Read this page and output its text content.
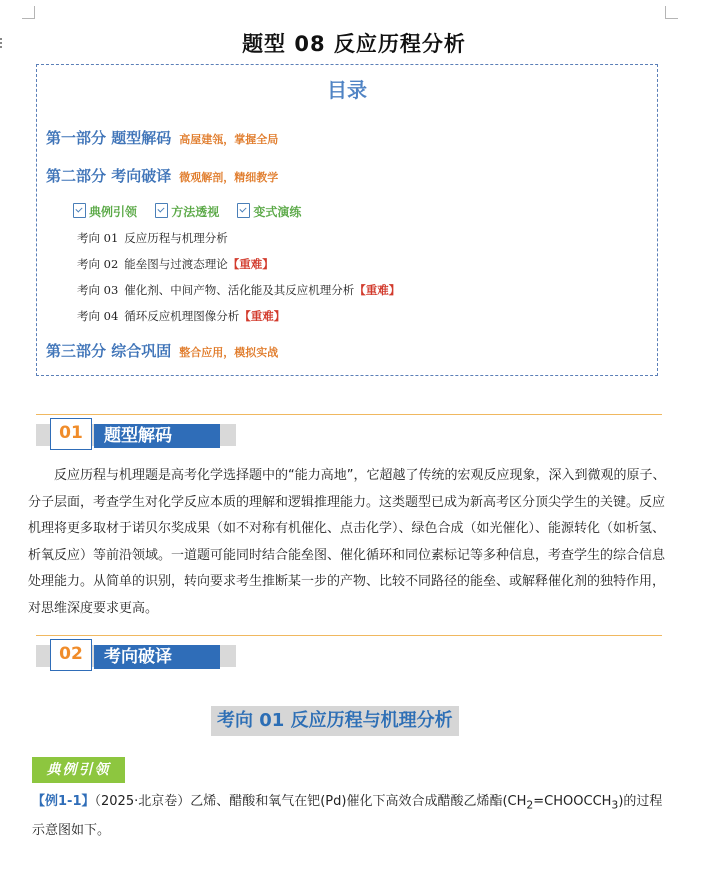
题型 08 反应历程分析
目录
第一部分 题型解码 高屋建瓴，掌握全局
第二部分 考向破译 微观解剖，精细教学
典例引领	方法透视	变式演练
考向 01 反应历程与机理分析
考向 02 能垒图与过渡态理论【重难】
考向 03 催化剂、中间产物、活化能及其反应机理分析【重难】
考向 04 循环反应机理图像分析【重难】
第三部分 综合巩固 整合应用，模拟实战
01	题型解码

反应历程与机理题是高考化学选择题中的“能力高地”，它超越了传统的宏观反应现象，深入到微观的原子、分子层面，考查学生对化学反应本质的理解和逻辑推理能力。这类题型已成为新高考区分顶尖学生的关键。反应机理将更多取材于诺贝尔奖成果（如不对称有机催化、点击化学）、绿色合成（如光催化）、能源转化（如析氢、析氧反应）等前沿领域。一道题可能同时结合能垒图、催化循环和同位素标记等多种信息，考查学生的综合信息处理能力。从简单的识别，转向要求考生推断某一步的产物、比较不同路径的能垒、或解释催化剂的独特作用，对思维深度要求更高。

02	考向破译
考向 01 反应历程与机理分析
典例引领
【例1-1】（2025·北京卷）乙烯、醋酸和氧气在钯(Pd)催化下高效合成醋酸乙烯酯$(CH_2=CHOOCCH_3)$的过程示意图如下。
